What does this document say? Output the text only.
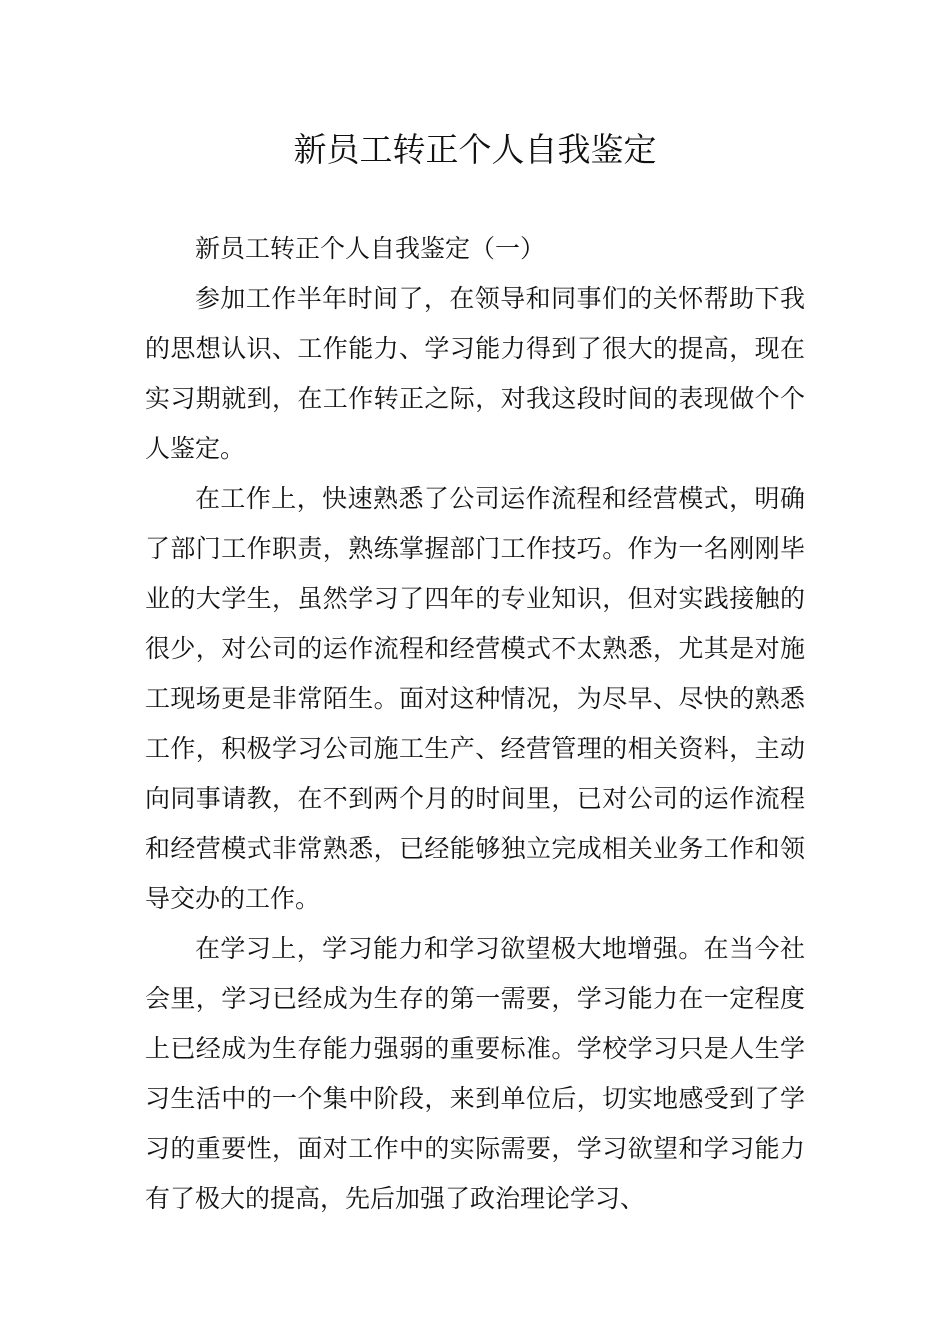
新员工转正个人自我鉴定

新员工转正个人自我鉴定（一）

参加工作半年时间了，在领导和同事们的关怀帮助下我的思想认识、工作能力、学习能力得到了很大的提高，现在实习期就到，在工作转正之际，对我这段时间的表现做个个人鉴定。

在工作上，快速熟悉了公司运作流程和经营模式，明确了部门工作职责，熟练掌握部门工作技巧。作为一名刚刚毕业的大学生，虽然学习了四年的专业知识，但对实践接触的很少，对公司的运作流程和经营模式不太熟悉，尤其是对施工现场更是非常陌生。面对这种情况，为尽早、尽快的熟悉工作，积极学习公司施工生产、经营管理的相关资料，主动向同事请教，在不到两个月的时间里，已对公司的运作流程和经营模式非常熟悉，已经能够独立完成相关业务工作和领导交办的工作。

在学习上，学习能力和学习欲望极大地增强。在当今社会里，学习已经成为生存的第一需要，学习能力在一定程度上已经成为生存能力强弱的重要标准。学校学习只是人生学习生活中的一个集中阶段，来到单位后，切实地感受到了学习的重要性，面对工作中的实际需要，学习欲望和学习能力有了极大的提高，先后加强了政治理论学习、
